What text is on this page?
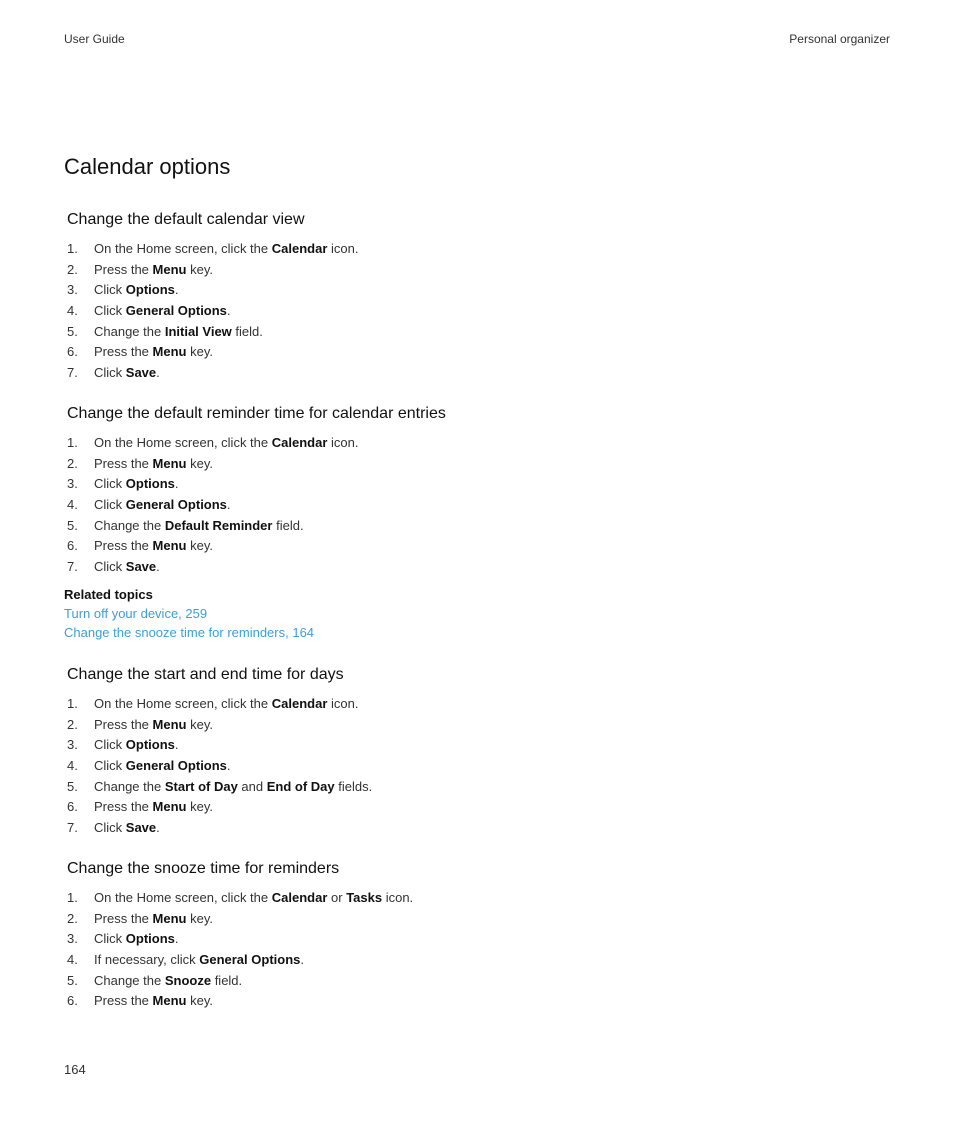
User Guide	Personal organizer
Calendar options
Change the default calendar view
1. On the Home screen, click the Calendar icon.
2. Press the Menu key.
3. Click Options.
4. Click General Options.
5. Change the Initial View field.
6. Press the Menu key.
7. Click Save.
Change the default reminder time for calendar entries
1. On the Home screen, click the Calendar icon.
2. Press the Menu key.
3. Click Options.
4. Click General Options.
5. Change the Default Reminder field.
6. Press the Menu key.
7. Click Save.
Related topics
Turn off your device, 259
Change the snooze time for reminders, 164
Change the start and end time for days
1. On the Home screen, click the Calendar icon.
2. Press the Menu key.
3. Click Options.
4. Click General Options.
5. Change the Start of Day and End of Day fields.
6. Press the Menu key.
7. Click Save.
Change the snooze time for reminders
1. On the Home screen, click the Calendar or Tasks icon.
2. Press the Menu key.
3. Click Options.
4. If necessary, click General Options.
5. Change the Snooze field.
6. Press the Menu key.
164
